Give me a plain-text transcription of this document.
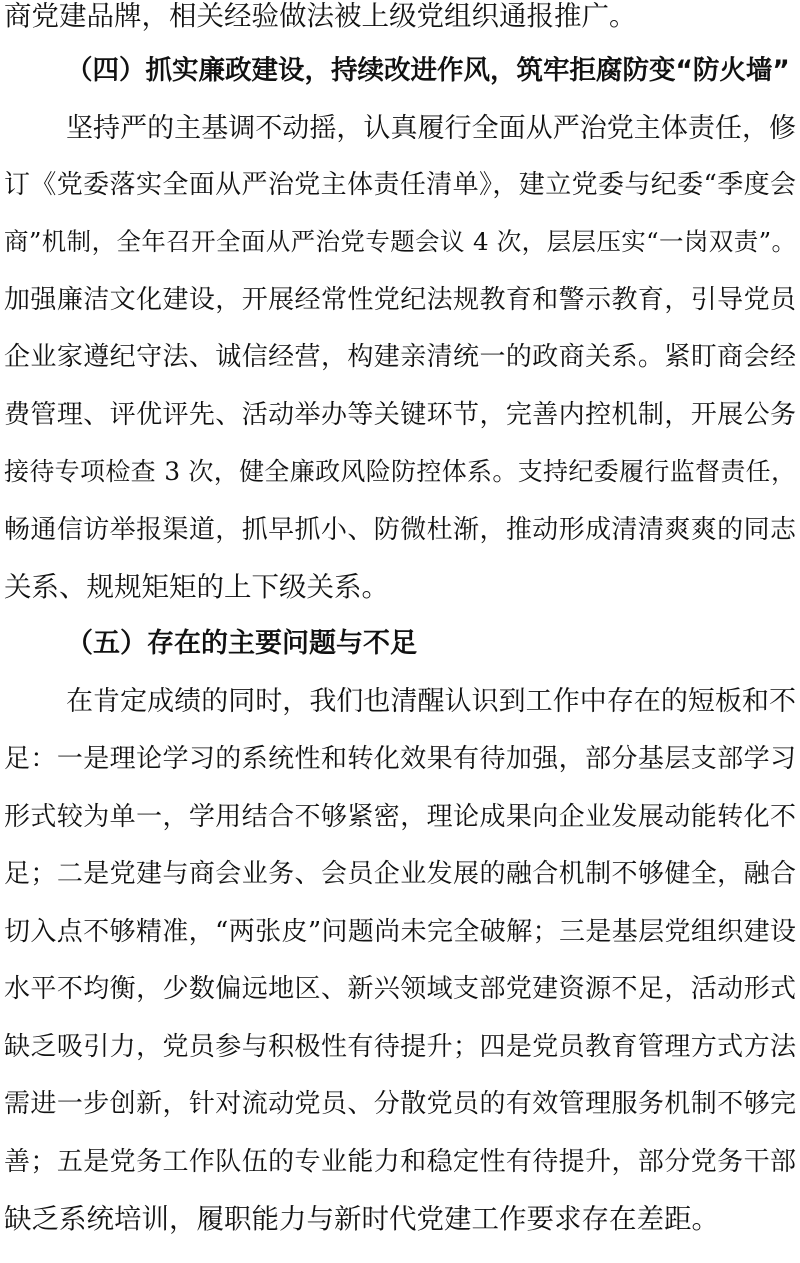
商党建品牌，相关经验做法被上级党组织通报推广。
（四）抓实廉政建设，持续改进作风，筑牢拒腐防变“防火墙”
坚持严的主基调不动摇，认真履行全面从严治党主体责任，修
订《党委落实全面从严治党主体责任清单》，建立党委与纪委“季度会
商”机制，全年召开全面从严治党专题会议 4 次，层层压实“一岗双责”。
加强廉洁文化建设，开展经常性党纪法规教育和警示教育，引导党员
企业家遵纪守法、诚信经营，构建亲清统一的政商关系。紧盯商会经
费管理、评优评先、活动举办等关键环节，完善内控机制，开展公务
接待专项检查 3 次，健全廉政风险防控体系。支持纪委履行监督责任，
畅通信访举报渠道，抓早抓小、防微杜渐，推动形成清清爽爽的同志
关系、规规矩矩的上下级关系。
（五）存在的主要问题与不足
在肯定成绩的同时，我们也清醒认识到工作中存在的短板和不
足：一是理论学习的系统性和转化效果有待加强，部分基层支部学习
形式较为单一，学用结合不够紧密，理论成果向企业发展动能转化不
足；二是党建与商会业务、会员企业发展的融合机制不够健全，融合
切入点不够精准，“两张皮”问题尚未完全破解；三是基层党组织建设
水平不均衡，少数偏远地区、新兴领域支部党建资源不足，活动形式
缺乏吸引力，党员参与积极性有待提升；四是党员教育管理方式方法
需进一步创新，针对流动党员、分散党员的有效管理服务机制不够完
善；五是党务工作队伍的专业能力和稳定性有待提升，部分党务干部
缺乏系统培训，履职能力与新时代党建工作要求存在差距。
